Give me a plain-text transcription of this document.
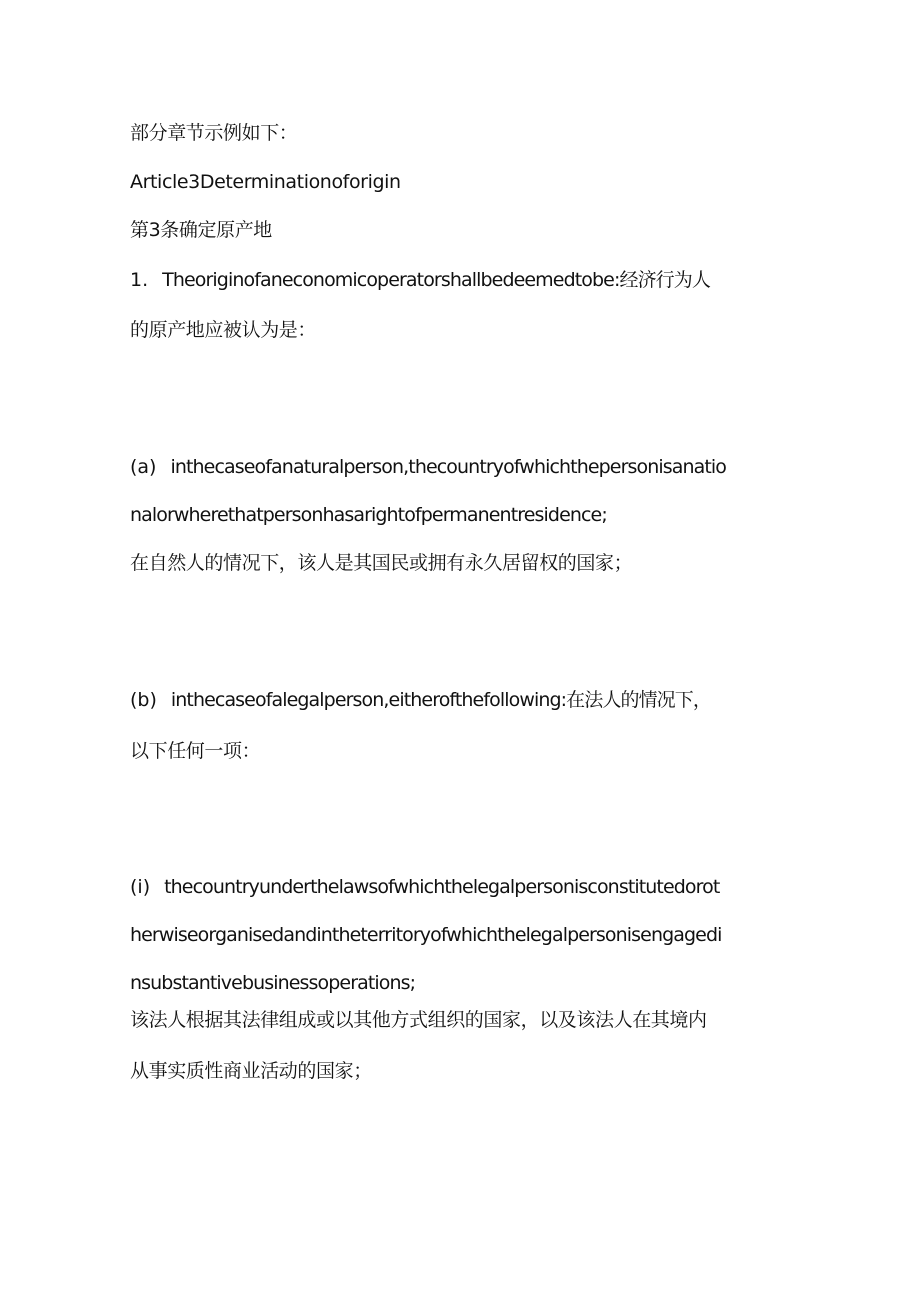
部分章节示例如下：

Article3Determinationoforigin

第3条确定原产地

1. Theoriginofaneconomicoperatorshallbedeemedtobe:经济行为人

的原产地应被认为是：

(a) inthecaseofanaturalperson,thecountryofwhichthepersonisanatio

nalorwherethatpersonhasarightofpermanentresidence;

在自然人的情况下，该人是其国民或拥有永久居留权的国家；

(b) inthecaseofalegalperson,eitherofthefollowing:在法人的情况下，

以下任何一项：

(i) thecountryunderthelawsofwhichthelegalpersonisconstitutedorot

herwiseorganisedandintheterritoryofwhichthelegalpersonisengagedi

nsubstantivebusinessoperations;

该法人根据其法律组成或以其他方式组织的国家，以及该法人在其境内

从事实质性商业活动的国家；
